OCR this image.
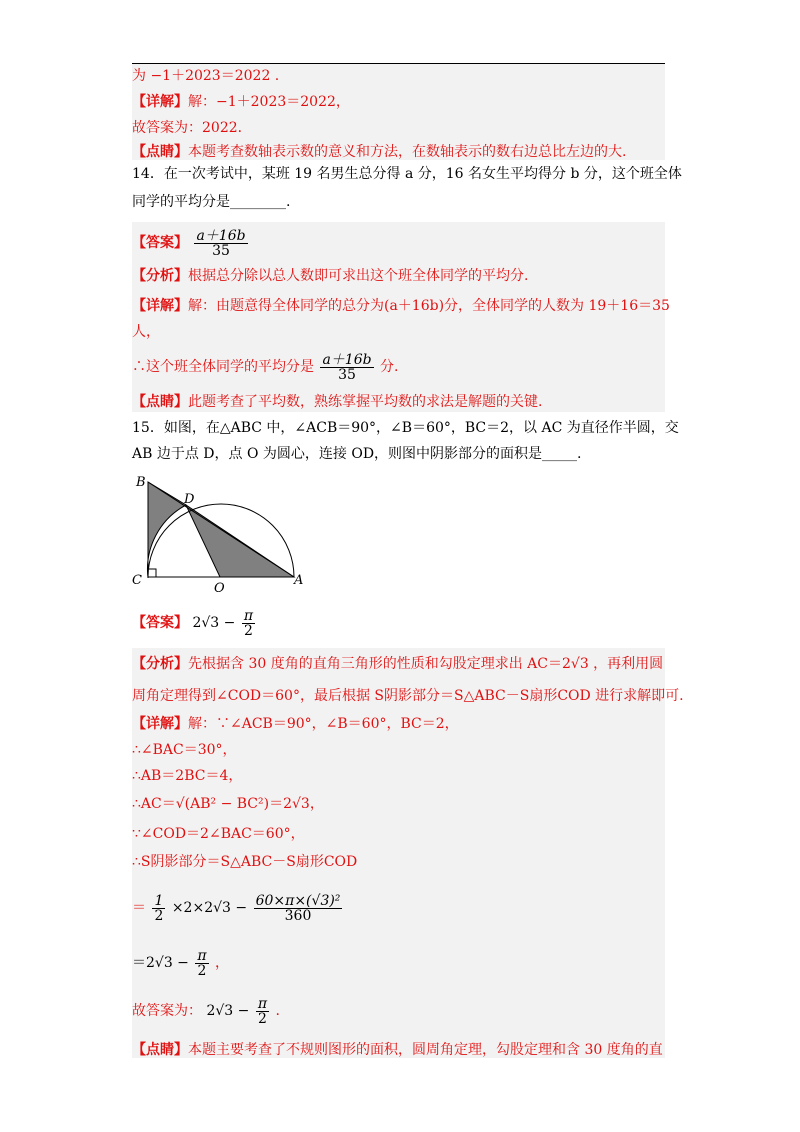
为 −1＋2023＝2022 .
【详解】解：−1＋2023＝2022，
故答案为：2022．
【点睛】本题考查数轴表示数的意义和方法，在数轴表示的数右边总比左边的大.
14．在一次考试中，某班 19 名男生总分得 a 分，16 名女生平均得分 b 分，这个班全体
同学的平均分是________.
【答案】 $\frac{a+16b}{35}$
【分析】根据总分除以总人数即可求出这个班全体同学的平均分.
【详解】解：由题意得全体同学的总分为(a＋16b)分，全体同学的人数为 19＋16＝35
人，
∴这个班全体同学的平均分是 $\frac{a+16b}{35}$ 分.
【点睛】此题考查了平均数，熟练掌握平均数的求法是解题的关键.
15．如图，在△ABC 中，∠ACB＝90°，∠B＝60°，BC＝2，以 AC 为直径作半圆，交
AB 边于点 D，点 O 为圆心，连接 OD，则图中阴影部分的面积是_____.
B
D
C
O
A
【答案】 $2√3 - \frac{\pi}{2}$
【分析】先根据含 30 度角的直角三角形的性质和勾股定理求出 AC＝2√3 ，再利用圆
周角定理得到∠COD＝60°，最后根据 S阴影部分＝S△ABC－S扇形COD 进行求解即可.
【详解】解：∵∠ACB＝90°，∠B＝60°，BC＝2，
∴∠BAC＝30°，
∴AB＝2BC＝4，
∴AC＝√(AB² − BC²)＝2√3，
∵∠COD＝2∠BAC＝60°，
∴S阴影部分＝S△ABC－S扇形COD
＝ $\frac{1}{2} \times 2\times 2√3 - \frac{\text{60×π×(√3)²}}{360}$
$=2√3 - \frac{\pi}{2}$ ，
故答案为： $2√3 - \frac{\pi}{2}$ .
【点睛】本题主要考查了不规则图形的面积，圆周角定理，勾股定理和含 30 度角的直
